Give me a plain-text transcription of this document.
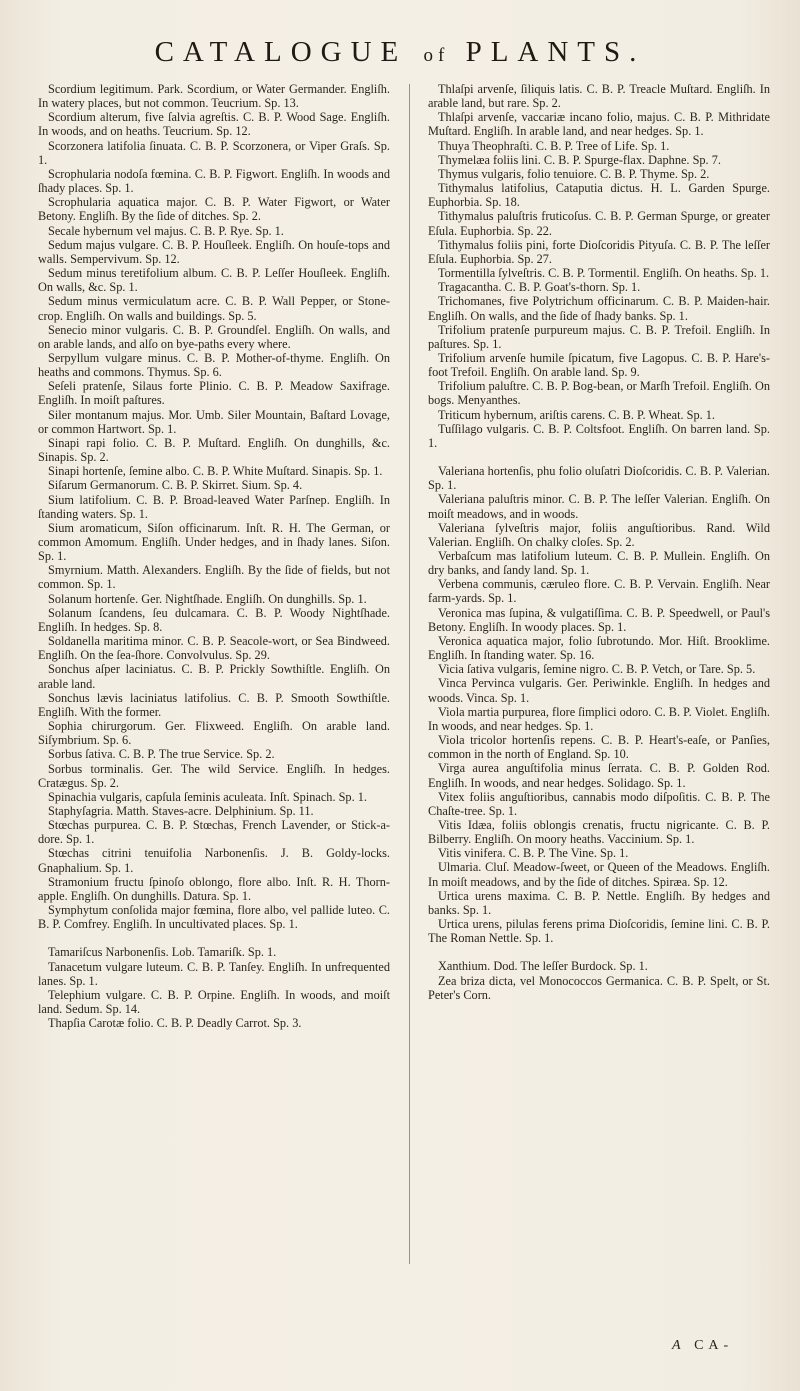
CATALOGUE of PLANTS.

Scordium legitimum. Park. Scordium, or Water Germander. Engliſh. In watery places, but not common. Teucrium. Sp. 13.

Scordium alterum, five ſalvia agreſtis. C. B. P. Wood Sage. Engliſh. In woods, and on heaths. Teucrium. Sp. 12.

Scorzonera latifolia ſinuata. C. B. P. Scorzonera, or Viper Graſs. Sp. 1.

Scrophularia nodoſa fœmina. C. B. P. Figwort. Engliſh. In woods and ſhady places. Sp. 1.

Scrophularia aquatica major. C. B. P. Water Figwort, or Water Betony. Engliſh. By the ſide of ditches. Sp. 2.

Secale hybernum vel majus. C. B. P. Rye. Sp. 1.

Sedum majus vulgare. C. B. P. Houſleek. Engliſh. On houſe-tops and walls. Sempervivum. Sp. 12.

Sedum minus teretifolium album. C. B. P. Leſſer Houſleek. Engliſh. On walls, &c. Sp. 1.

Sedum minus vermiculatum acre. C. B. P. Wall Pepper, or Stone-crop. Engliſh. On walls and buildings. Sp. 5.

Senecio minor vulgaris. C. B. P. Groundſel. Engliſh. On walls, and on arable lands, and alſo on bye-paths every where.

Serpyllum vulgare minus. C. B. P. Mother-of-thyme. Engliſh. On heaths and commons. Thymus. Sp. 6.

Seſeli pratenſe, Silaus forte Plinio. C. B. P. Meadow Saxifrage. Engliſh. In moiſt paſtures.

Siler montanum majus. Mor. Umb. Siler Mountain, Baſtard Lovage, or common Hartwort. Sp. 1.

Sinapi rapi folio. C. B. P. Muſtard. Engliſh. On dunghills, &c. Sinapis. Sp. 2.

Sinapi hortenſe, ſemine albo. C. B. P. White Muſtard. Sinapis. Sp. 1.

Siſarum Germanorum. C. B. P. Skirret. Sium. Sp. 4.

Sium latifolium. C. B. P. Broad-leaved Water Parſnep. Engliſh. In ſtanding waters. Sp. 1.

Sium aromaticum, Siſon officinarum. Inſt. R. H. The German, or common Amomum. Engliſh. Under hedges, and in ſhady lanes. Siſon. Sp. 1.

Smyrnium. Matth. Alexanders. Engliſh. By the ſide of fields, but not common. Sp. 1.

Solanum hortenſe. Ger. Nightſhade. Engliſh. On dunghills. Sp. 1.

Solanum ſcandens, ſeu dulcamara. C. B. P. Woody Nightſhade. Engliſh. In hedges. Sp. 8.

Soldanella maritima minor. C. B. P. Seacole-wort, or Sea Bindweed. Engliſh. On the ſea-ſhore. Convolvulus. Sp. 29.

Sonchus aſper laciniatus. C. B. P. Prickly Sowthiſtle. Engliſh. On arable land.

Sonchus lævis laciniatus latifolius. C. B. P. Smooth Sowthiſtle. Engliſh. With the former.

Sophia chirurgorum. Ger. Flixweed. Engliſh. On arable land. Siſymbrium. Sp. 6.

Sorbus ſativa. C. B. P. The true Service. Sp. 2.

Sorbus torminalis. Ger. The wild Service. Engliſh. In hedges. Cratægus. Sp. 2.

Spinachia vulgaris, capſula ſeminis aculeata. Inſt. Spinach. Sp. 1.

Staphyſagria. Matth. Staves-acre. Delphinium. Sp. 11.

Stœchas purpurea. C. B. P. Stœchas, French Lavender, or Stick-a-dore. Sp. 1.

Stœchas citrini tenuifolia Narbonenſis. J. B. Goldy-locks. Gnaphalium. Sp. 1.

Stramonium fructu ſpinoſo oblongo, flore albo. Inſt. R. H. Thorn-apple. Engliſh. On dunghills. Datura. Sp. 1.

Symphytum conſolida major fœmina, flore albo, vel pallide luteo. C. B. P. Comfrey. Engliſh. In uncultivated places. Sp. 1.

Tamariſcus Narbonenſis. Lob. Tamariſk. Sp. 1.

Tanacetum vulgare luteum. C. B. P. Tanſey. Engliſh. In unfrequented lanes. Sp. 1.

Telephium vulgare. C. B. P. Orpine. Engliſh. In woods, and moiſt land. Sedum. Sp. 14.

Thapſia Carotæ folio. C. B. P. Deadly Carrot. Sp. 3.

Thlaſpi arvenſe, ſiliquis latis. C. B. P. Treacle Muſtard. Engliſh. In arable land, but rare. Sp. 2.

Thlaſpi arvenſe, vaccariæ incano folio, majus. C. B. P. Mithridate Muſtard. Engliſh. In arable land, and near hedges. Sp. 1.

Thuya Theophraſti. C. B. P. Tree of Life. Sp. 1.

Thymelæa foliis lini. C. B. P. Spurge-flax. Daphne. Sp. 7.

Thymus vulgaris, folio tenuiore. C. B. P. Thyme. Sp. 2.

Tithymalus latifolius, Cataputia dictus. H. L. Garden Spurge. Euphorbia. Sp. 18.

Tithymalus paluſtris fruticoſus. C. B. P. German Spurge, or greater Eſula. Euphorbia. Sp. 22.

Tithymalus foliis pini, forte Dioſcoridis Pityuſa. C. B. P. The leſſer Eſula. Euphorbia. Sp. 27.

Tormentilla ſylveſtris. C. B. P. Tormentil. Engliſh. On heaths. Sp. 1.

Tragacantha. C. B. P. Goat's-thorn. Sp. 1.

Trichomanes, five Polytrichum officinarum. C. B. P. Maiden-hair. Engliſh. On walls, and the ſide of ſhady banks. Sp. 1.

Trifolium pratenſe purpureum majus. C. B. P. Trefoil. Engliſh. In paſtures. Sp. 1.

Trifolium arvenſe humile ſpicatum, five Lagopus. C. B. P. Hare's-foot Trefoil. Engliſh. On arable land. Sp. 9.

Trifolium paluſtre. C. B. P. Bog-bean, or Marſh Trefoil. Engliſh. On bogs. Menyanthes.

Triticum hybernum, ariſtis carens. C. B. P. Wheat. Sp. 1.

Tuſſilago vulgaris. C. B. P. Coltsfoot. Engliſh. On barren land. Sp. 1.

Valeriana hortenſis, phu folio oluſatri Dioſcoridis. C. B. P. Valerian. Sp. 1.

Valeriana paluſtris minor. C. B. P. The leſſer Valerian. Engliſh. On moiſt meadows, and in woods.

Valeriana ſylveſtris major, foliis anguſtioribus. Rand. Wild Valerian. Engliſh. On chalky cloſes. Sp. 2.

Verbaſcum mas latifolium luteum. C. B. P. Mullein. Engliſh. On dry banks, and ſandy land. Sp. 1.

Verbena communis, cæruleo flore. C. B. P. Vervain. Engliſh. Near farm-yards. Sp. 1.

Veronica mas ſupina, & vulgatiſſima. C. B. P. Speedwell, or Paul's Betony. Engliſh. In woody places. Sp. 1.

Veronica aquatica major, folio ſubrotundo. Mor. Hiſt. Brooklime. Engliſh. In ſtanding water. Sp. 16.

Vicia ſativa vulgaris, ſemine nigro. C. B. P. Vetch, or Tare. Sp. 5.

Vinca Pervinca vulgaris. Ger. Periwinkle. Engliſh. In hedges and woods. Vinca. Sp. 1.

Viola martia purpurea, flore ſimplici odoro. C. B. P. Violet. Engliſh. In woods, and near hedges. Sp. 1.

Viola tricolor hortenſis repens. C. B. P. Heart's-eaſe, or Panſies, common in the north of England. Sp. 10.

Virga aurea anguſtifolia minus ſerrata. C. B. P. Golden Rod. Engliſh. In woods, and near hedges. Solidago. Sp. 1.

Vitex foliis anguſtioribus, cannabis modo diſpoſitis. C. B. P. The Chaſte-tree. Sp. 1.

Vitis Idæa, foliis oblongis crenatis, fructu nigricante. C. B. P. Bilberry. Engliſh. On moory heaths. Vaccinium. Sp. 1.

Vitis vinifera. C. B. P. The Vine. Sp. 1.

Ulmaria. Cluſ. Meadow-ſweet, or Queen of the Meadows. Engliſh. In moiſt meadows, and by the ſide of ditches. Spiræa. Sp. 12.

Urtica urens maxima. C. B. P. Nettle. Engliſh. By hedges and banks. Sp. 1.

Urtica urens, pilulas ferens prima Dioſcoridis, ſemine lini. C. B. P. The Roman Nettle. Sp. 1.

Xanthium. Dod. The leſſer Burdock. Sp. 1.

Zea briza dicta, vel Monococcos Germanica. C. B. P. Spelt, or St. Peter's Corn.

A CA-
